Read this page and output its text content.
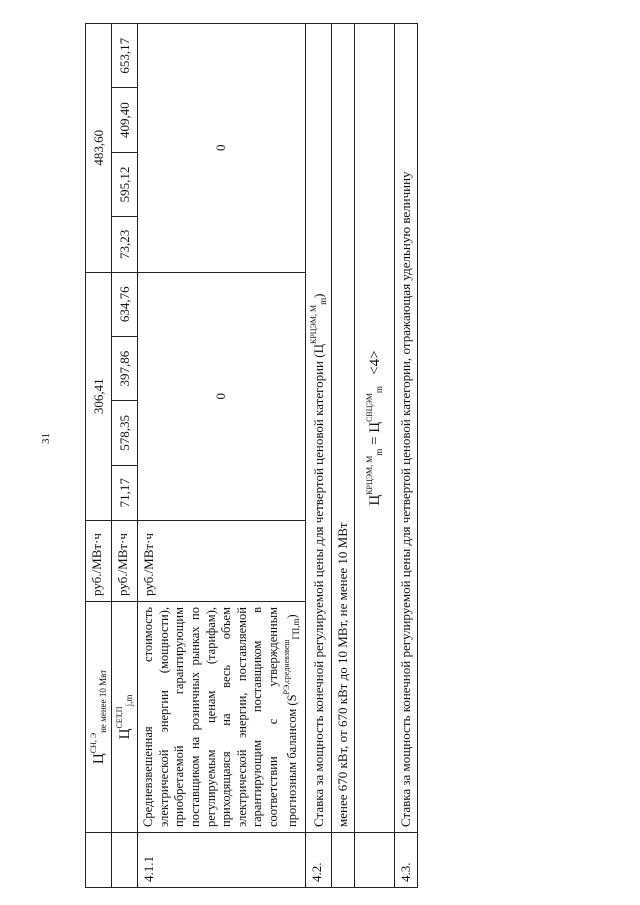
31
	$Ц^{СН, Э}_{не менее 10 Мвт}$	руб./МВт·ч	306,41				483,60			
	$Ц^{СЕТ,П}_{j,m}$	руб./МВт·ч	71,17	578,35	397,86	634,76	73,23	595,12	409,40	653,17
4.1.1	Средневзвешенная стоимость электрической энергии (мощности), приобретаемой гарантирующим поставщиком на розничных рынках по регулируемым ценам (тарифам), приходящаяся на весь объем электрической энергии, поставляемой гарантирующим поставщиком в соответствии с утвержденным прогнозным балансом $(S^{РЭ,средневзвеш}_{ГП,m})$	руб./МВт·ч	0				0			
4.2.	Ставка за мощность конечной регулируемой цены для четвертой ценовой категории $(Ц^{КРЦЭМ, М}_m)$									
	менее 670 кВт, от 670 кВт до 10 МВт, не менее 10 МВт									
	$Ц^{КРЦЭМ, М}_m = Ц^{СВЦЭМ}_m <4>$									
4.3.	Ставка за мощность конечной регулируемой цены для четвертой ценовой категории, отражающая удельную величину									
